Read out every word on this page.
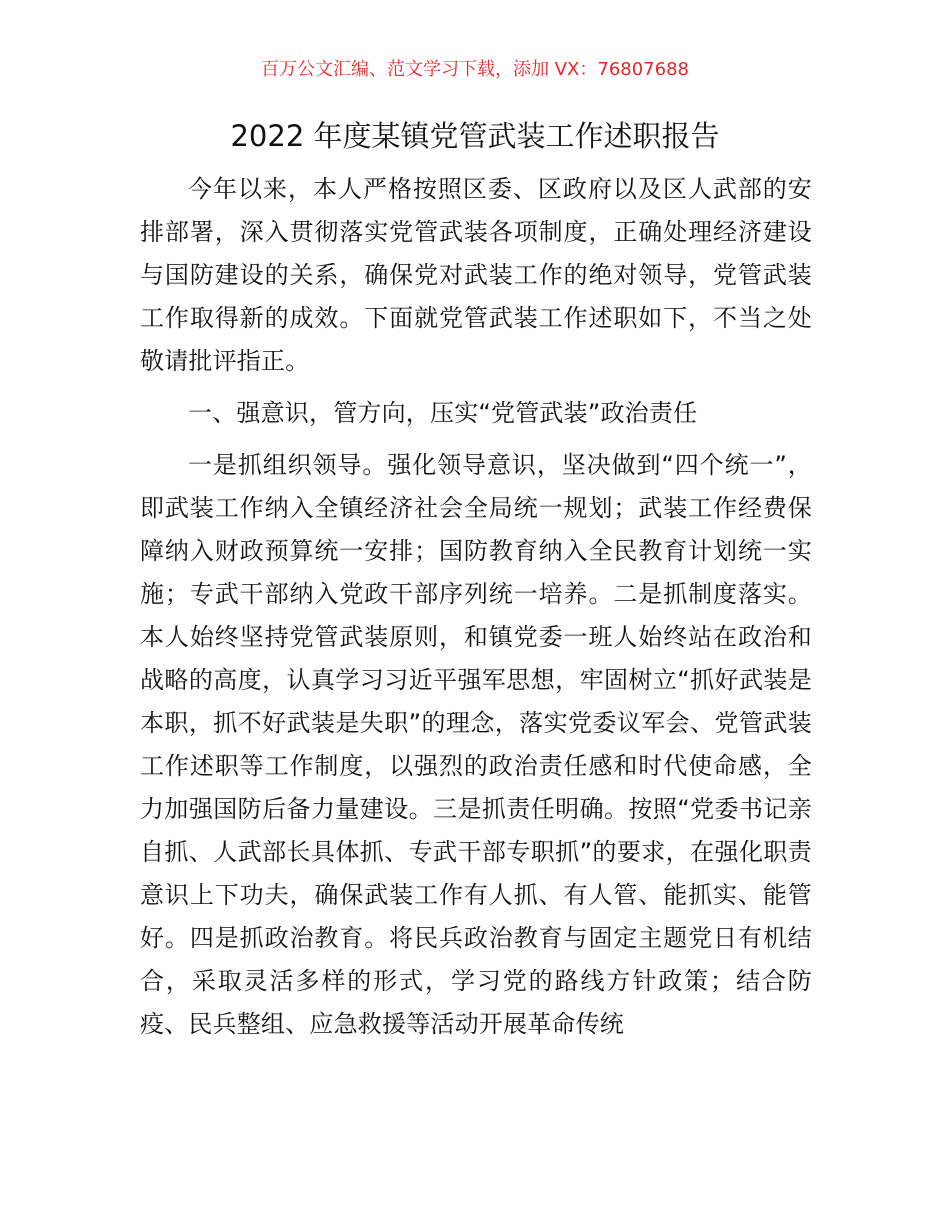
百万公文汇编、范文学习下载，添加 VX：76807688
2022 年度某镇党管武装工作述职报告

今年以来，本人严格按照区委、区政府以及区人武部的安排部署，深入贯彻落实党管武装各项制度，正确处理经济建设与国防建设的关系，确保党对武装工作的绝对领导，党管武装工作取得新的成效。下面就党管武装工作述职如下，不当之处敬请批评指正。

一、强意识，管方向，压实“党管武装”政治责任

一是抓组织领导。强化领导意识，坚决做到“四个统一”，即武装工作纳入全镇经济社会全局统一规划；武装工作经费保障纳入财政预算统一安排；国防教育纳入全民教育计划统一实施；专武干部纳入党政干部序列统一培养。二是抓制度落实。本人始终坚持党管武装原则，和镇党委一班人始终站在政治和战略的高度，认真学习习近平强军思想，牢固树立“抓好武装是本职，抓不好武装是失职”的理念，落实党委议军会、党管武装工作述职等工作制度，以强烈的政治责任感和时代使命感，全力加强国防后备力量建设。三是抓责任明确。按照“党委书记亲自抓、人武部长具体抓、专武干部专职抓”的要求，在强化职责意识上下功夫，确保武装工作有人抓、有人管、能抓实、能管好。四是抓政治教育。将民兵政治教育与固定主题党日有机结合，采取灵活多样的形式，学习党的路线方针政策；结合防疫、民兵整组、应急救援等活动开展革命传统
